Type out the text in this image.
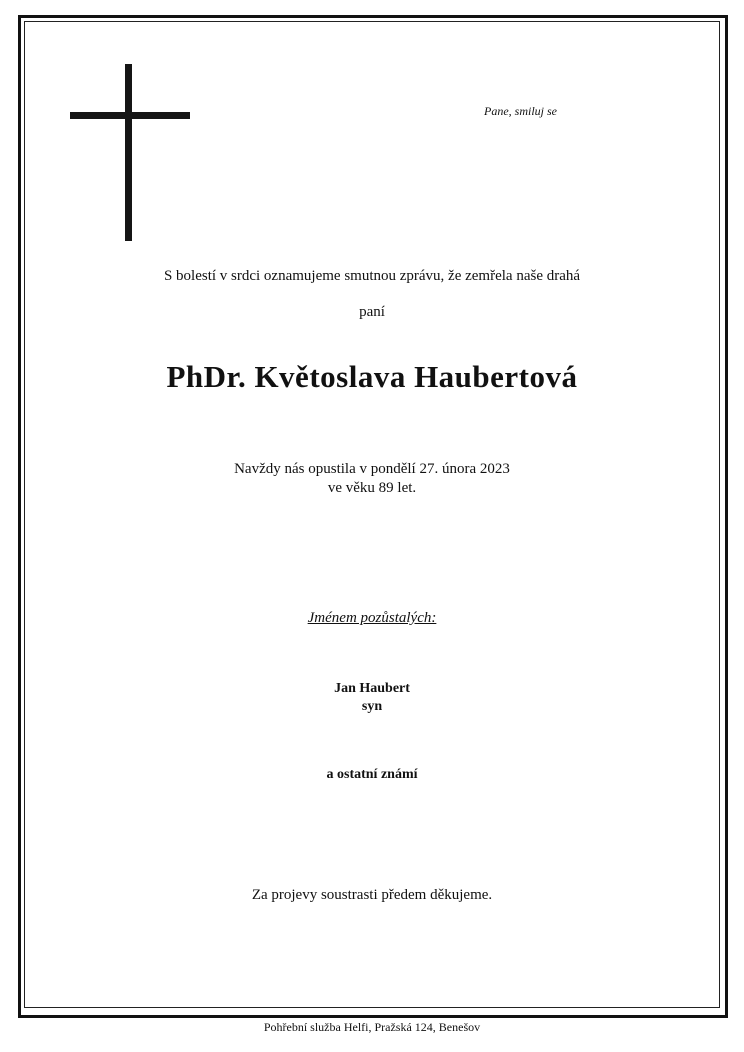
Pane, smiluj se
S bolestí v srdci oznamujeme smutnou zprávu, že zemřela naše drahá
paní
PhDr. Květoslava Haubertová
Navždy nás opustila v pondělí 27. února 2023
ve věku 89 let.
Jménem pozůstalých:
Jan Haubert
syn
a ostatní známí
Za projevy soustrasti předem děkujeme.
Pohřební služba Helfi, Pražská 124, Benešov
